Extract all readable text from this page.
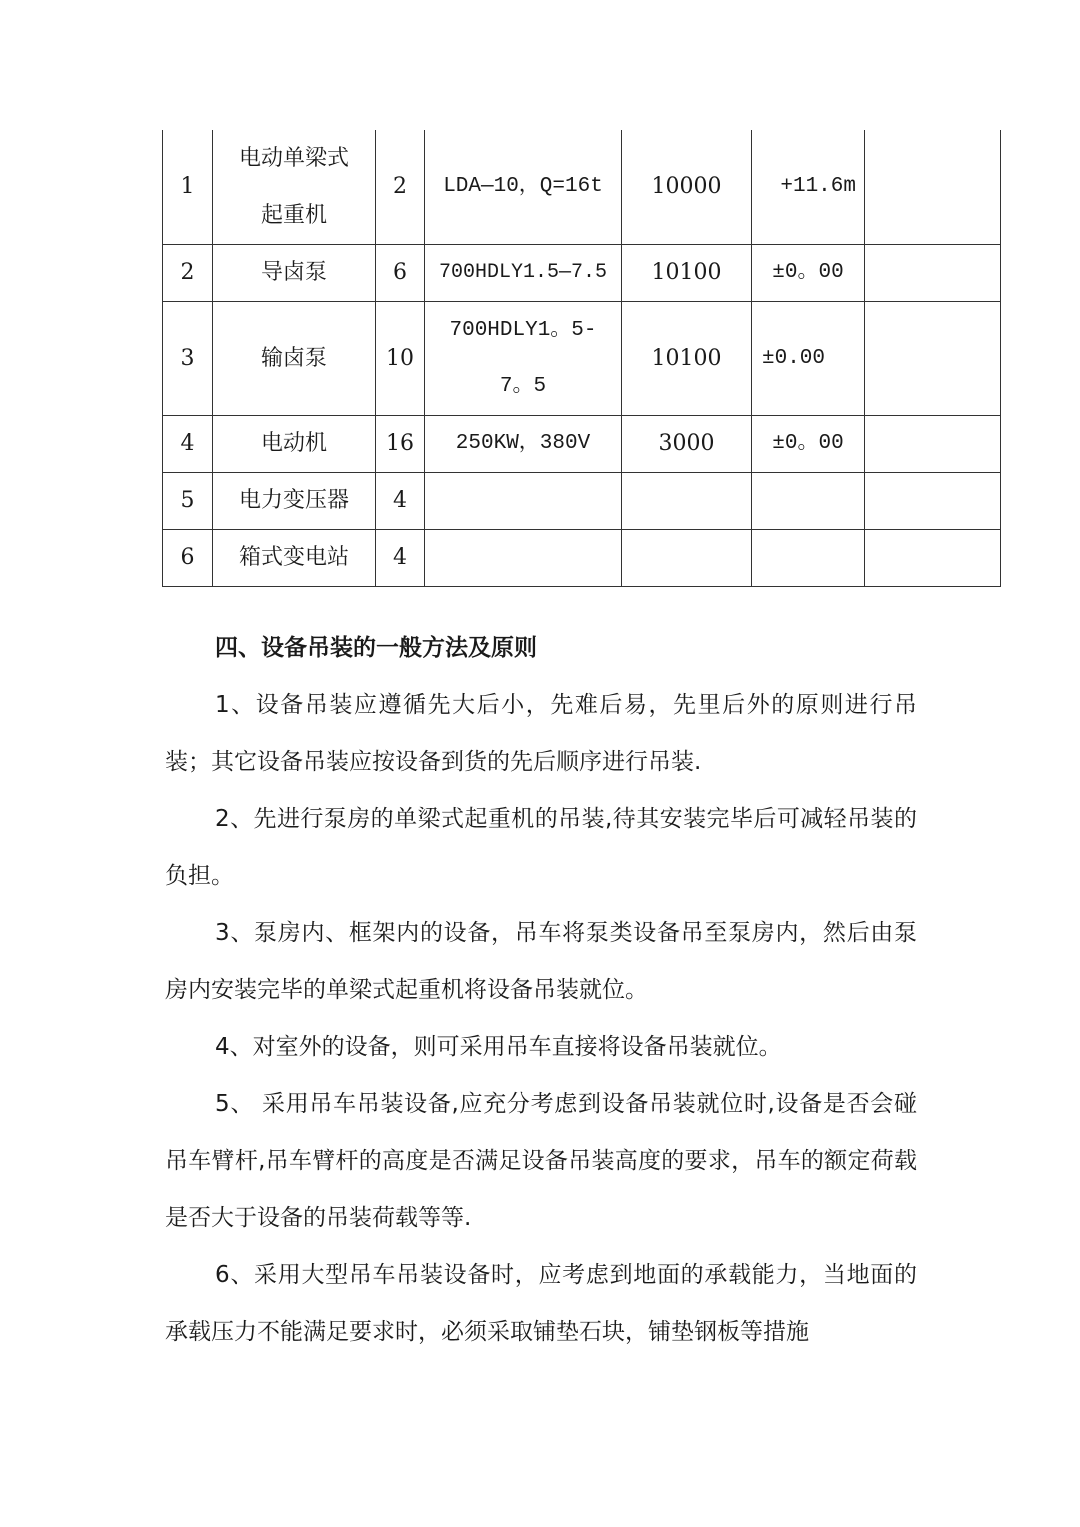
1	电动单梁式起重机	2	LDA—10，Q=16t	10000	+11.6m	
2	导卤泵	6	700HDLY1.5—7.5	10100	±0。00	
3	输卤泵	10	700HDLY1。5-7。5	10100	±0.00	
4	电动机	16	250KW，380V	3000	±0。00	
5	电力变压器	4				
6	箱式变电站	4				
四、设备吊装的一般方法及原则

1、设备吊装应遵循先大后小，先难后易，先里后外的原则进行吊装；其它设备吊装应按设备到货的先后顺序进行吊装.

2、先进行泵房的单梁式起重机的吊装,待其安装完毕后可减轻吊装的负担。

3、泵房内、框架内的设备，吊车将泵类设备吊至泵房内，然后由泵房内安装完毕的单梁式起重机将设备吊装就位。

4、对室外的设备，则可采用吊车直接将设备吊装就位。

5、 采用吊车吊装设备,应充分考虑到设备吊装就位时,设备是否会碰吊车臂杆,吊车臂杆的高度是否满足设备吊装高度的要求，吊车的额定荷载是否大于设备的吊装荷载等等.

6、采用大型吊车吊装设备时，应考虑到地面的承载能力，当地面的承载压力不能满足要求时，必须采取铺垫石块，铺垫钢板等措施
